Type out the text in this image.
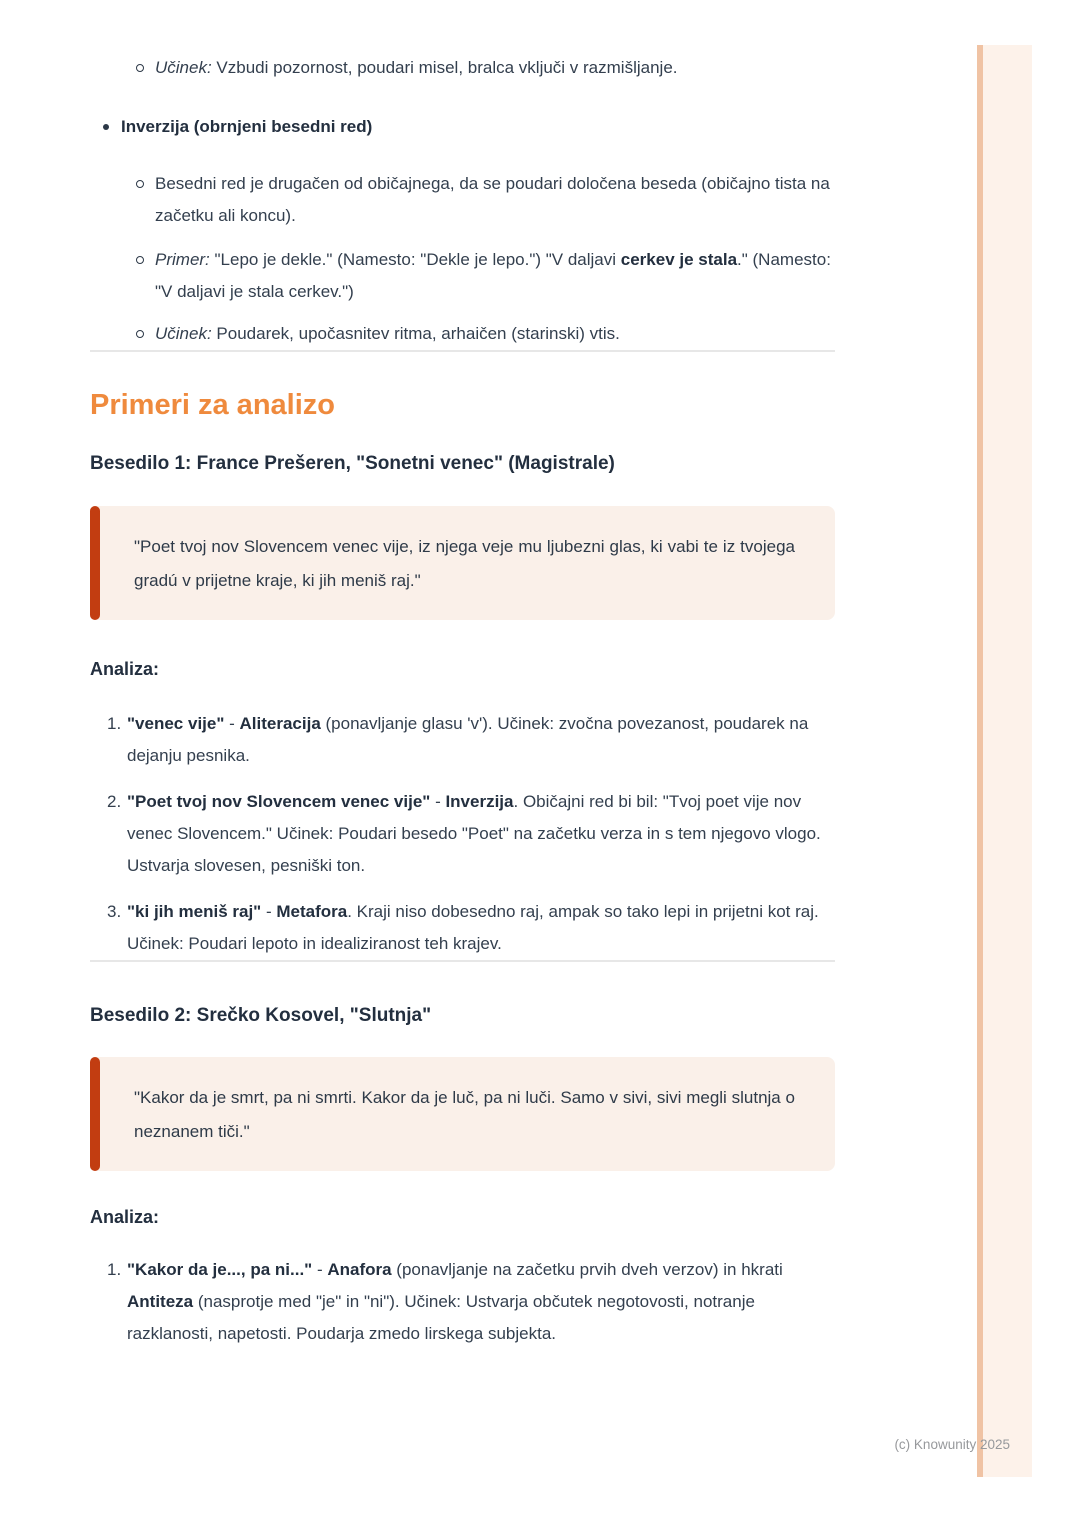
(c) Knowunity 2025

Učinek: Vzbudi pozornost, poudari misel, bralca vključi v razmišljanje.

Inverzija (obrnjeni besedni red)

Besedni red je drugačen od običajnega, da se poudari določena beseda (običajno tista na začetku ali koncu).

Primer: "Lepo je dekle." (Namesto: "Dekle je lepo.") "V daljavi cerkev je stala." (Namesto: "V daljavi je stala cerkev.")

Učinek: Poudarek, upočasnitev ritma, arhaičen (starinski) vtis.

Primeri za analizo
Besedilo 1: France Prešeren, "Sonetni venec" (Magistrale)

"Poet tvoj nov Slovencem venec vije, iz njega veje mu ljubezni glas, ki vabi te iz tvojega gradú v prijetne kraje, ki jih meniš raj."

Analiza:

1. "venec vije" - Aliteracija (ponavljanje glasu 'v'). Učinek: zvočna povezanost, poudarek na dejanju pesnika.

2. "Poet tvoj nov Slovencem venec vije" - Inverzija. Običajni red bi bil: "Tvoj poet vije nov venec Slovencem." Učinek: Poudari besedo "Poet" na začetku verza in s tem njegovo vlogo. Ustvarja slovesen, pesniški ton.

3. "ki jih meniš raj" - Metafora. Kraji niso dobesedno raj, ampak so tako lepi in prijetni kot raj. Učinek: Poudari lepoto in idealiziranost teh krajev.

Besedilo 2: Srečko Kosovel, "Slutnja"

"Kakor da je smrt, pa ni smrti. Kakor da je luč, pa ni luči. Samo v sivi, sivi megli slutnja o neznanem tiči."

Analiza:

1. "Kakor da je..., pa ni..." - Anafora (ponavljanje na začetku prvih dveh verzov) in hkrati Antiteza (nasprotje med "je" in "ni"). Učinek: Ustvarja občutek negotovosti, notranje razklanosti, napetosti. Poudarja zmedo lirskega subjekta.
